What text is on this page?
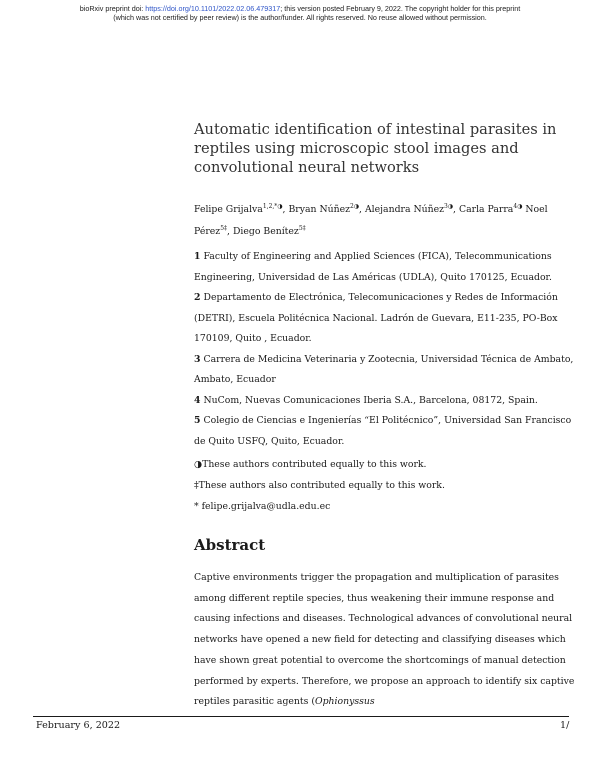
bioRxiv preprint doi: https://doi.org/10.1101/2022.02.06.479317; this version posted February 9, 2022. The copyright holder for this preprint
(which was not certified by peer review) is the author/funder. All rights reserved. No reuse allowed without permission.
Automatic identification of intestinal parasites in reptiles using microscopic stool images and convolutional neural networks
Felipe Grijalva$^{1,2,*◑}$, Bryan Núñez$^{2◑}$, Alejandra Núñez$^{3◑}$, Carla Parra$^{4◑}$ Noel Pérez$^{5\ddagger}$, Diego Benítez$^{5\ddagger}$
1 Faculty of Engineering and Applied Sciences (FICA), Telecommunications Engineering, Universidad de Las Américas (UDLA), Quito 170125, Ecuador.
2 Departamento de Electrónica, Telecomunicaciones y Redes de Información (DETRI), Escuela Politécnica Nacional. Ladrón de Guevara, E11-235, PO-Box 170109, Quito , Ecuador.
3 Carrera de Medicina Veterinaria y Zootecnia, Universidad Técnica de Ambato, Ambato, Ecuador
4 NuCom, Nuevas Comunicaciones Iberia S.A., Barcelona, 08172, Spain.
5 Colegio de Ciencias e Ingenierías “El Politécnico”, Universidad San Francisco de Quito USFQ, Quito, Ecuador.
◑These authors contributed equally to this work.
‡These authors also contributed equally to this work.
* felipe.grijalva@udla.edu.ec
Abstract
Captive environments trigger the propagation and multiplication of parasites among different reptile species, thus weakening their immune response and causing infections and diseases. Technological advances of convolutional neural networks have opened a new field for detecting and classifying diseases which have shown great potential to overcome the shortcomings of manual detection performed by experts. Therefore, we propose an approach to identify six captive reptiles parasitic agents (Ophionyssus
February 6, 2022	1/
